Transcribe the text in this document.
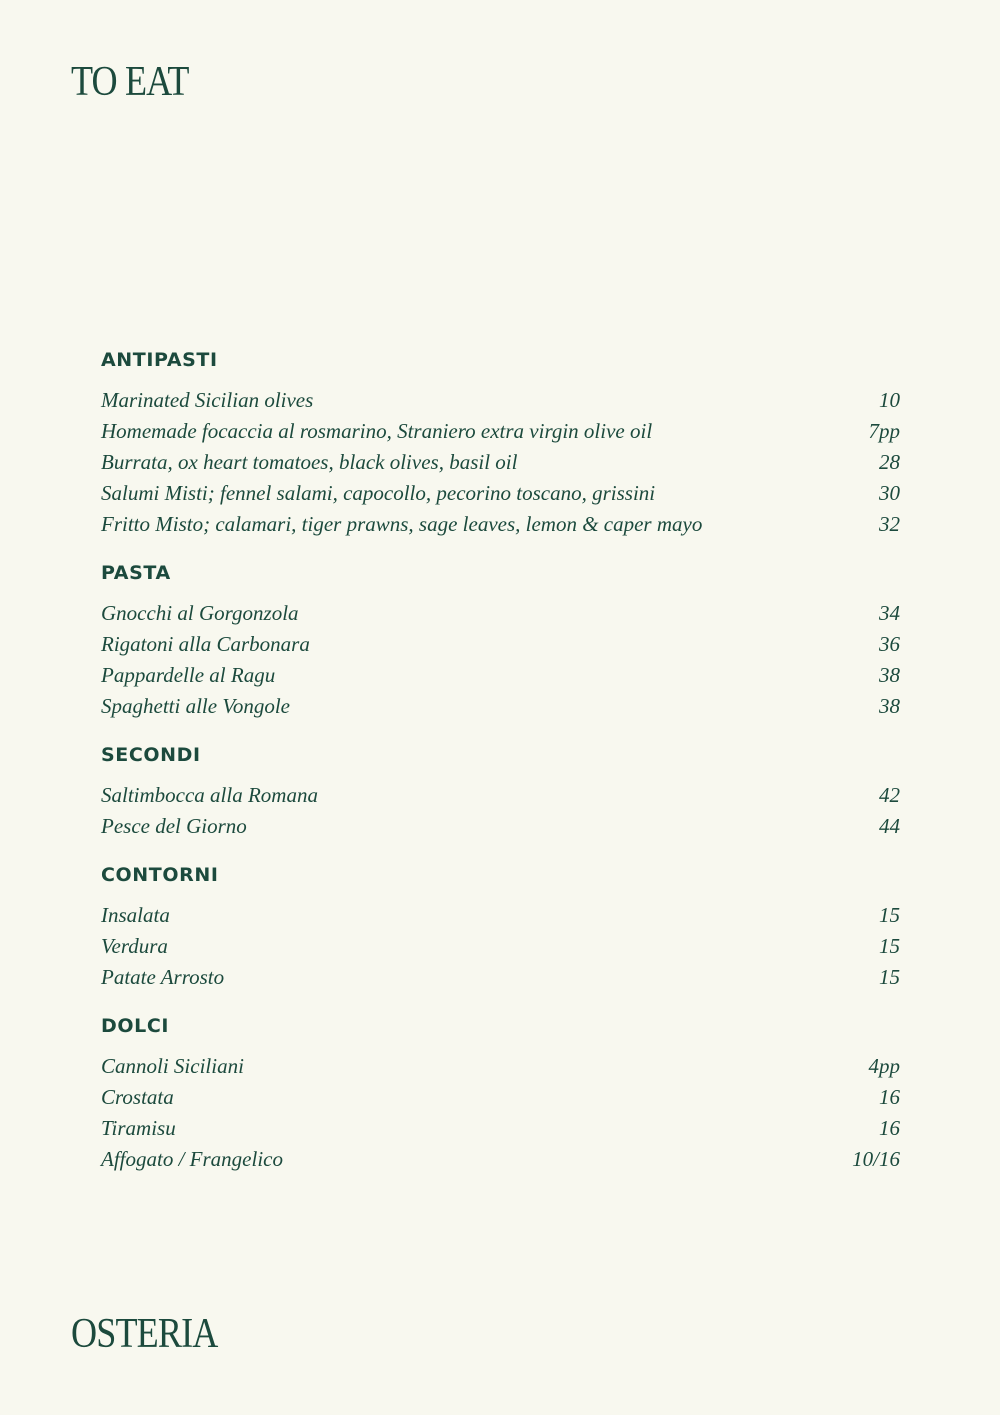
TO EAT
ANTIPASTI
Marinated Sicilian olives	10
Homemade focaccia al rosmarino, Straniero extra virgin olive oil	7pp
Burrata, ox heart tomatoes, black olives, basil oil	28
Salumi Misti; fennel salami, capocollo, pecorino toscano, grissini	30
Fritto Misto; calamari, tiger prawns, sage leaves, lemon & caper mayo	32
PASTA
Gnocchi al Gorgonzola	34
Rigatoni alla Carbonara	36
Pappardelle al Ragu	38
Spaghetti alle Vongole	38
SECONDI
Saltimbocca alla Romana	42
Pesce del Giorno	44
CONTORNI
Insalata	15
Verdura	15
Patate Arrosto	15
DOLCI
Cannoli Siciliani	4pp
Crostata	16
Tiramisu	16
Affogato / Frangelico	10/16
OSTERIA
